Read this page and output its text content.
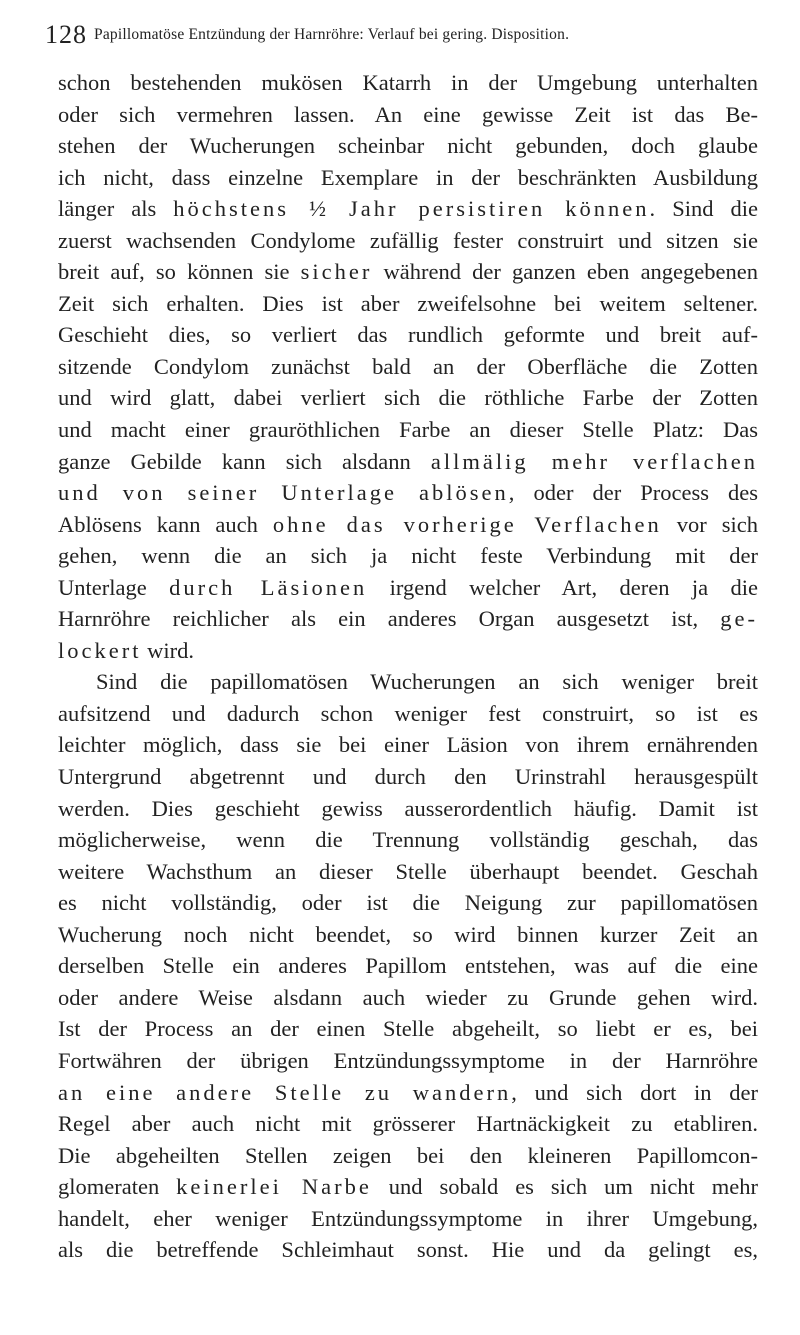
128 Papillomatöse Entzündung der Harnröhre: Verlauf bei gering. Disposition.
schon bestehenden mukösen Katarrh in der Umgebung unterhalten
oder sich vermehren lassen. An eine gewisse Zeit ist das Be-
stehen der Wucherungen scheinbar nicht gebunden, doch glaube
ich nicht, dass einzelne Exemplare in der beschränkten Ausbildung
länger als höchstens ½ Jahr persistiren können. Sind die
zuerst wachsenden Condylome zufällig fester construirt und sitzen sie
breit auf, so können sie sicher während der ganzen eben angegebenen
Zeit sich erhalten. Dies ist aber zweifelsohne bei weitem seltener.
Geschieht dies, so verliert das rundlich geformte und breit auf-
sitzende Condylom zunächst bald an der Oberfläche die Zotten
und wird glatt, dabei verliert sich die röthliche Farbe der Zotten
und macht einer grauröthlichen Farbe an dieser Stelle Platz: Das
ganze Gebilde kann sich alsdann allmälig mehr verflachen
und von seiner Unterlage ablösen, oder der Process des
Ablösens kann auch ohne das vorherige Verflachen vor sich
gehen, wenn die an sich ja nicht feste Verbindung mit der
Unterlage durch Läsionen irgend welcher Art, deren ja die
Harnröhre reichlicher als ein anderes Organ ausgesetzt ist, ge-
lockert wird.
Sind die papillomatösen Wucherungen an sich weniger breit
aufsitzend und dadurch schon weniger fest construirt, so ist es
leichter möglich, dass sie bei einer Läsion von ihrem ernährenden
Untergrund abgetrennt und durch den Urinstrahl herausgespült
werden. Dies geschieht gewiss ausserordentlich häufig. Damit ist
möglicherweise, wenn die Trennung vollständig geschah, das
weitere Wachsthum an dieser Stelle überhaupt beendet. Geschah
es nicht vollständig, oder ist die Neigung zur papillomatösen
Wucherung noch nicht beendet, so wird binnen kurzer Zeit an
derselben Stelle ein anderes Papillom entstehen, was auf die eine
oder andere Weise alsdann auch wieder zu Grunde gehen wird.
Ist der Process an der einen Stelle abgeheilt, so liebt er es, bei
Fortwähren der übrigen Entzündungssymptome in der Harnröhre
an eine andere Stelle zu wandern, und sich dort in der
Regel aber auch nicht mit grösserer Hartnäckigkeit zu etabliren.
Die abgeheilten Stellen zeigen bei den kleineren Papillomcon-
glomeraten keinerlei Narbe und sobald es sich um nicht mehr
handelt, eher weniger Entzündungssymptome in ihrer Umgebung,
als die betreffende Schleimhaut sonst. Hie und da gelingt es,
